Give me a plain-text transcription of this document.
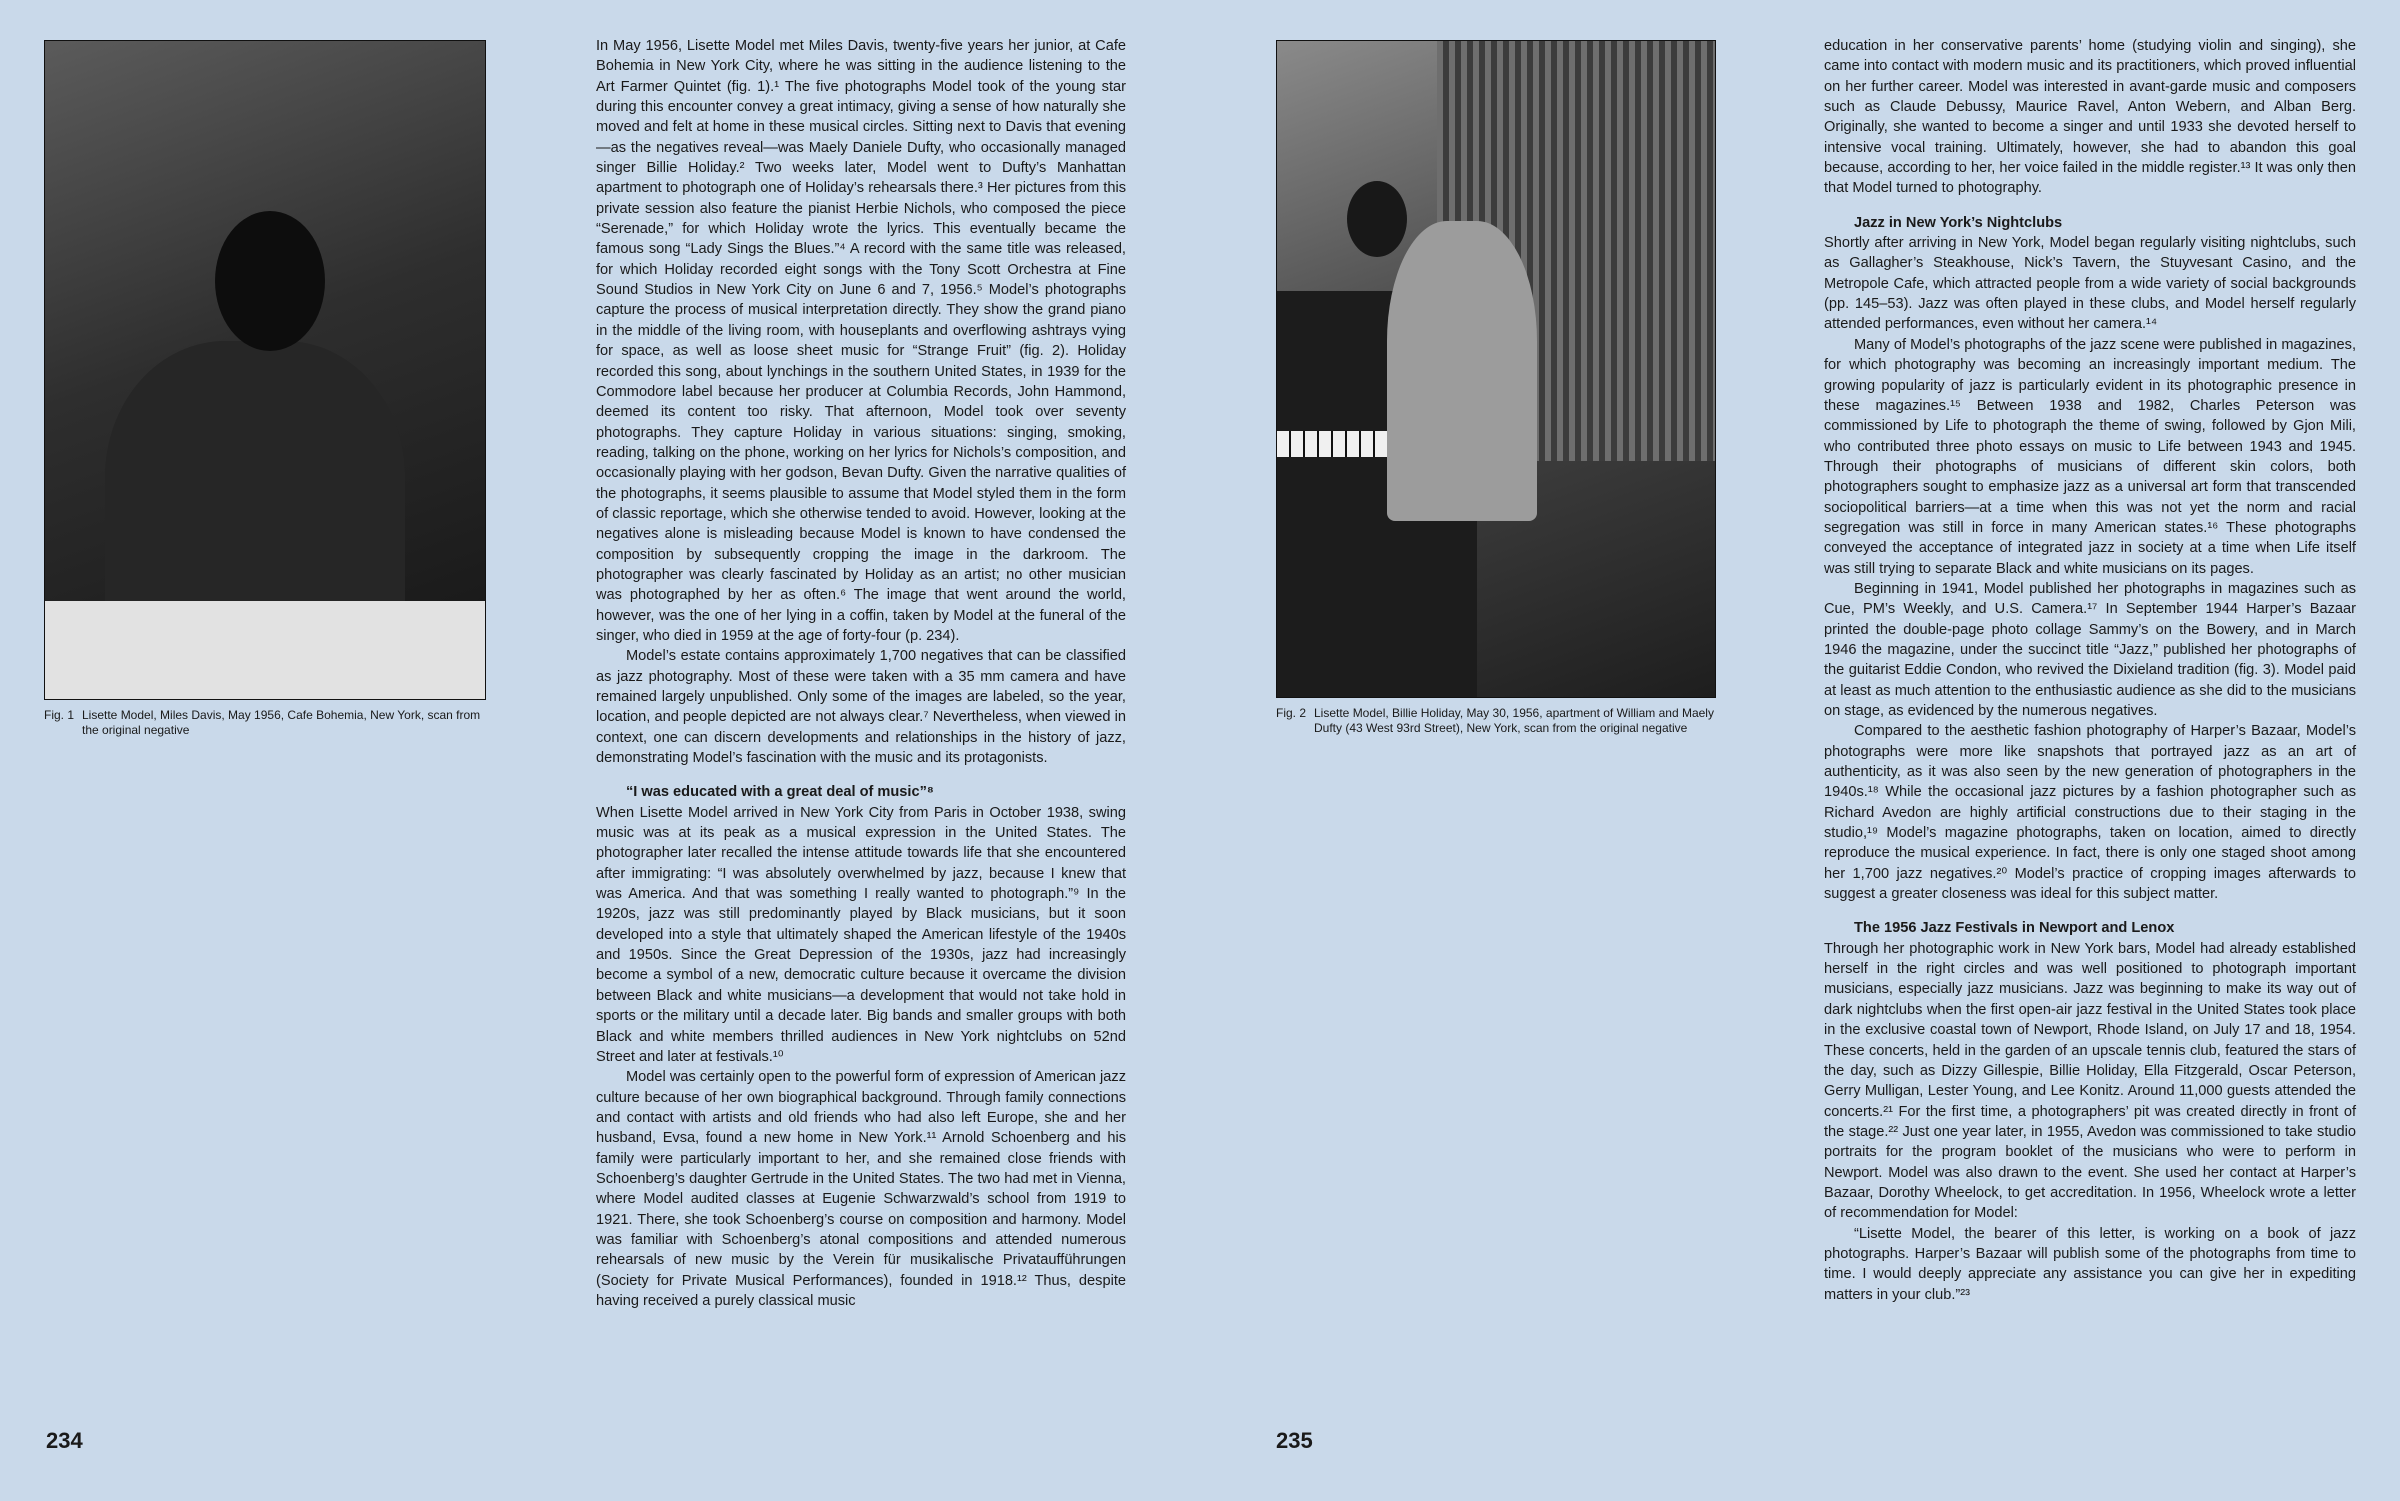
Fig. 1 Lisette Model, Miles Davis, May 1956, Cafe Bohemia, New York, scan from the original negative

In May 1956, Lisette Model met Miles Davis, twenty-five years her junior, at Cafe Bohemia in New York City, where he was sitting in the audience listening to the Art Farmer Quintet (fig. 1).¹ The five photographs Model took of the young star during this encounter convey a great intimacy, giving a sense of how naturally she moved and felt at home in these musical circles. Sitting next to Davis that evening—as the negatives reveal—was Maely Daniele Dufty, who occasionally managed singer Billie Holiday.² Two weeks later, Model went to Dufty’s Manhattan apartment to photograph one of Holiday’s rehearsals there.³ Her pictures from this private session also feature the pianist Herbie Nichols, who composed the piece “Serenade,” for which Holiday wrote the lyrics. This eventually became the famous song “Lady Sings the Blues.”⁴ A record with the same title was released, for which Holiday recorded eight songs with the Tony Scott Orchestra at Fine Sound Studios in New York City on June 6 and 7, 1956.⁵ Model’s photographs capture the process of musical interpretation directly. They show the grand piano in the middle of the living room, with houseplants and overflowing ashtrays vying for space, as well as loose sheet music for “Strange Fruit” (fig. 2). Holiday recorded this song, about lynchings in the southern United States, in 1939 for the Commodore label because her producer at Columbia Records, John Hammond, deemed its content too risky. That afternoon, Model took over seventy photographs. They capture Holiday in various situations: singing, smoking, reading, talking on the phone, working on her lyrics for Nichols’s composition, and occasionally playing with her godson, Bevan Dufty. Given the narrative qualities of the photographs, it seems plausible to assume that Model styled them in the form of classic reportage, which she otherwise tended to avoid. However, looking at the negatives alone is misleading because Model is known to have condensed the composition by subsequently cropping the image in the darkroom. The photographer was clearly fascinated by Holiday as an artist; no other musician was photographed by her as often.⁶ The image that went around the world, however, was the one of her lying in a coffin, taken by Model at the funeral of the singer, who died in 1959 at the age of forty-four (p. 234).

Model’s estate contains approximately 1,700 negatives that can be classified as jazz photography. Most of these were taken with a 35 mm camera and have remained largely unpublished. Only some of the images are labeled, so the year, location, and people depicted are not always clear.⁷ Nevertheless, when viewed in context, one can discern developments and relationships in the history of jazz, demonstrating Model’s fascination with the music and its protagonists.

“I was educated with a great deal of music”⁸

When Lisette Model arrived in New York City from Paris in October 1938, swing music was at its peak as a musical expression in the United States. The photographer later recalled the intense attitude towards life that she encountered after immigrating: “I was absolutely overwhelmed by jazz, because I knew that was America. And that was something I really wanted to photograph.”⁹ In the 1920s, jazz was still predominantly played by Black musicians, but it soon developed into a style that ultimately shaped the American lifestyle of the 1940s and 1950s. Since the Great Depression of the 1930s, jazz had increasingly become a symbol of a new, democratic culture because it overcame the division between Black and white musicians—a development that would not take hold in sports or the military until a decade later. Big bands and smaller groups with both Black and white members thrilled audiences in New York nightclubs on 52nd Street and later at festivals.¹⁰

Model was certainly open to the powerful form of expression of American jazz culture because of her own biographical background. Through family connections and contact with artists and old friends who had also left Europe, she and her husband, Evsa, found a new home in New York.¹¹ Arnold Schoenberg and his family were particularly important to her, and she remained close friends with Schoenberg’s daughter Gertrude in the United States. The two had met in Vienna, where Model audited classes at Eugenie Schwarzwald’s school from 1919 to 1921. There, she took Schoenberg’s course on composition and harmony. Model was familiar with Schoenberg’s atonal compositions and attended numerous rehearsals of new music by the Verein für musikalische Privataufführungen (Society for Private Musical Performances), founded in 1918.¹² Thus, despite having received a purely classical music

234
Fig. 2 Lisette Model, Billie Holiday, May 30, 1956, apartment of William and Maely Dufty (43 West 93rd Street), New York, scan from the original negative

education in her conservative parents’ home (studying violin and singing), she came into contact with modern music and its practitioners, which proved influential on her further career. Model was interested in avant-garde music and composers such as Claude Debussy, Maurice Ravel, Anton Webern, and Alban Berg. Originally, she wanted to become a singer and until 1933 she devoted herself to intensive vocal training. Ultimately, however, she had to abandon this goal because, according to her, her voice failed in the middle register.¹³ It was only then that Model turned to photography.

Jazz in New York’s Nightclubs

Shortly after arriving in New York, Model began regularly visiting nightclubs, such as Gallagher’s Steakhouse, Nick’s Tavern, the Stuyvesant Casino, and the Metropole Cafe, which attracted people from a wide variety of social backgrounds (pp. 145–53). Jazz was often played in these clubs, and Model herself regularly attended performances, even without her camera.¹⁴

Many of Model’s photographs of the jazz scene were published in magazines, for which photography was becoming an increasingly important medium. The growing popularity of jazz is particularly evident in its photographic presence in these magazines.¹⁵ Between 1938 and 1982, Charles Peterson was commissioned by Life to photograph the theme of swing, followed by Gjon Mili, who contributed three photo essays on music to Life between 1943 and 1945. Through their photographs of musicians of different skin colors, both photographers sought to emphasize jazz as a universal art form that transcended sociopolitical barriers—at a time when this was not yet the norm and racial segregation was still in force in many American states.¹⁶ These photographs conveyed the acceptance of integrated jazz in society at a time when Life itself was still trying to separate Black and white musicians on its pages.

Beginning in 1941, Model published her photographs in magazines such as Cue, PM’s Weekly, and U.S. Camera.¹⁷ In September 1944 Harper’s Bazaar printed the double-page photo collage Sammy’s on the Bowery, and in March 1946 the magazine, under the succinct title “Jazz,” published her photographs of the guitarist Eddie Condon, who revived the Dixieland tradition (fig. 3). Model paid at least as much attention to the enthusiastic audience as she did to the musicians on stage, as evidenced by the numerous negatives.

Compared to the aesthetic fashion photography of Harper’s Bazaar, Model’s photographs were more like snapshots that portrayed jazz as an art of authenticity, as it was also seen by the new generation of photographers in the 1940s.¹⁸ While the occasional jazz pictures by a fashion photographer such as Richard Avedon are highly artificial constructions due to their staging in the studio,¹⁹ Model’s magazine photographs, taken on location, aimed to directly reproduce the musical experience. In fact, there is only one staged shoot among her 1,700 jazz negatives.²⁰ Model’s practice of cropping images afterwards to suggest a greater closeness was ideal for this subject matter.

The 1956 Jazz Festivals in Newport and Lenox

Through her photographic work in New York bars, Model had already established herself in the right circles and was well positioned to photograph important musicians, especially jazz musicians. Jazz was beginning to make its way out of dark nightclubs when the first open-air jazz festival in the United States took place in the exclusive coastal town of Newport, Rhode Island, on July 17 and 18, 1954. These concerts, held in the garden of an upscale tennis club, featured the stars of the day, such as Dizzy Gillespie, Billie Holiday, Ella Fitzgerald, Oscar Peterson, Gerry Mulligan, Lester Young, and Lee Konitz. Around 11,000 guests attended the concerts.²¹ For the first time, a photographers’ pit was created directly in front of the stage.²² Just one year later, in 1955, Avedon was commissioned to take studio portraits for the program booklet of the musicians who were to perform in Newport. Model was also drawn to the event. She used her contact at Harper’s Bazaar, Dorothy Wheelock, to get accreditation. In 1956, Wheelock wrote a letter of recommendation for Model:

“Lisette Model, the bearer of this letter, is working on a book of jazz photographs. Harper’s Bazaar will publish some of the photographs from time to time. I would deeply appreciate any assistance you can give her in expediting matters in your club.”²³

235
